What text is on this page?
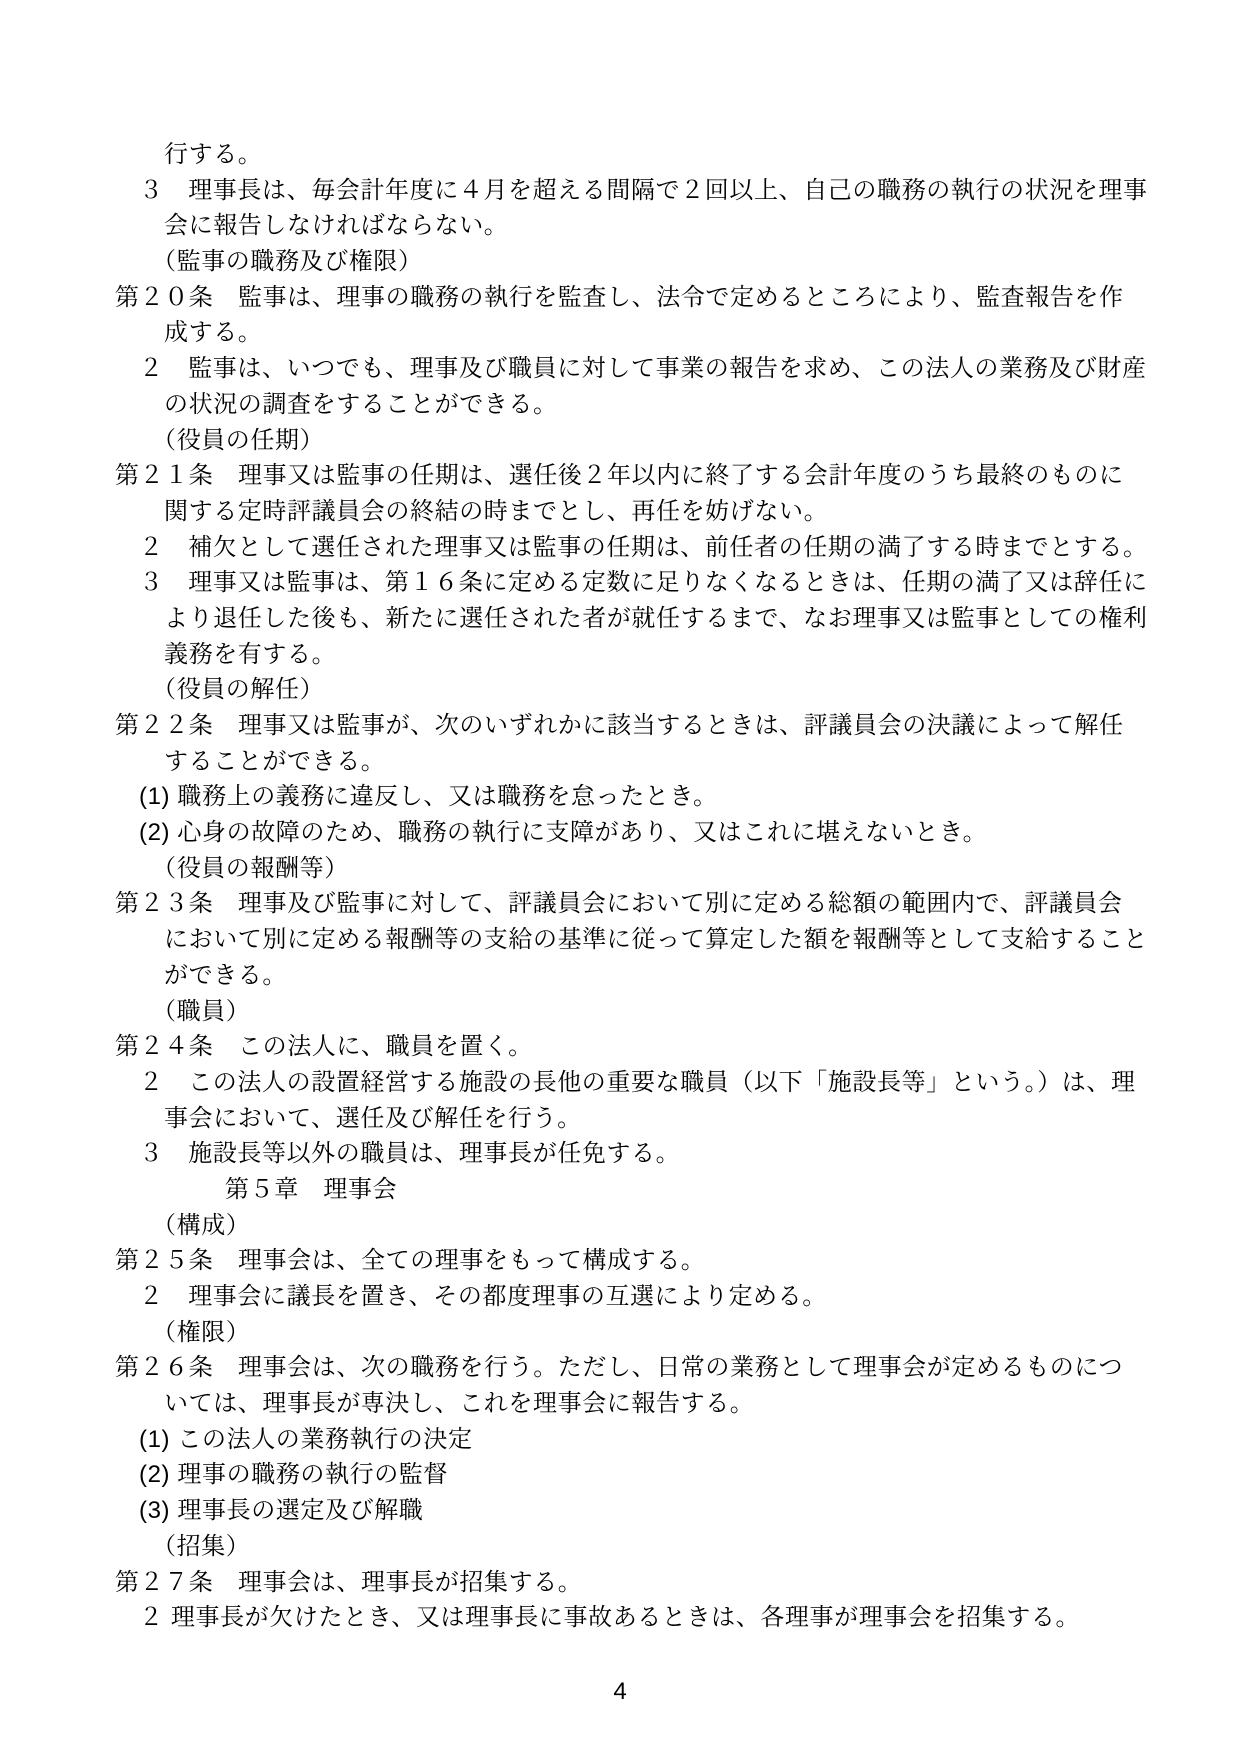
行する。
３　理事長は、毎会計年度に４月を超える間隔で２回以上、自己の職務の執行の状況を理事
会に報告しなければならない。
（監事の職務及び権限）
第２０条　監事は、理事の職務の執行を監査し、法令で定めるところにより、監査報告を作
成する。
２　監事は、いつでも、理事及び職員に対して事業の報告を求め、この法人の業務及び財産
の状況の調査をすることができる。
（役員の任期）
第２１条　理事又は監事の任期は、選任後２年以内に終了する会計年度のうち最終のものに
関する定時評議員会の終結の時までとし、再任を妨げない。
２　補欠として選任された理事又は監事の任期は、前任者の任期の満了する時までとする。
３　理事又は監事は、第１６条に定める定数に足りなくなるときは、任期の満了又は辞任に
より退任した後も、新たに選任された者が就任するまで、なお理事又は監事としての権利
義務を有する。
（役員の解任）
第２２条　理事又は監事が、次のいずれかに該当するときは、評議員会の決議によって解任
することができる。
(1) 職務上の義務に違反し、又は職務を怠ったとき。
(2) 心身の故障のため、職務の執行に支障があり、又はこれに堪えないとき。
（役員の報酬等）
第２３条　理事及び監事に対して、評議員会において別に定める総額の範囲内で、評議員会
において別に定める報酬等の支給の基準に従って算定した額を報酬等として支給すること
ができる。
（職員）
第２４条　この法人に、職員を置く。
２　この法人の設置経営する施設の長他の重要な職員（以下「施設長等」という。）は、理
事会において、選任及び解任を行う。
３　施設長等以外の職員は、理事長が任免する。
第５章　理事会
（構成）
第２５条　理事会は、全ての理事をもって構成する。
２　理事会に議長を置き、その都度理事の互選により定める。
（権限）
第２６条　理事会は、次の職務を行う。ただし、日常の業務として理事会が定めるものにつ
いては、理事長が専決し、これを理事会に報告する。
(1) この法人の業務執行の決定
(2) 理事の職務の執行の監督
(3) 理事長の選定及び解職
（招集）
第２７条　理事会は、理事長が招集する。
２ 理事長が欠けたとき、又は理事長に事故あるときは、各理事が理事会を招集する。
4
